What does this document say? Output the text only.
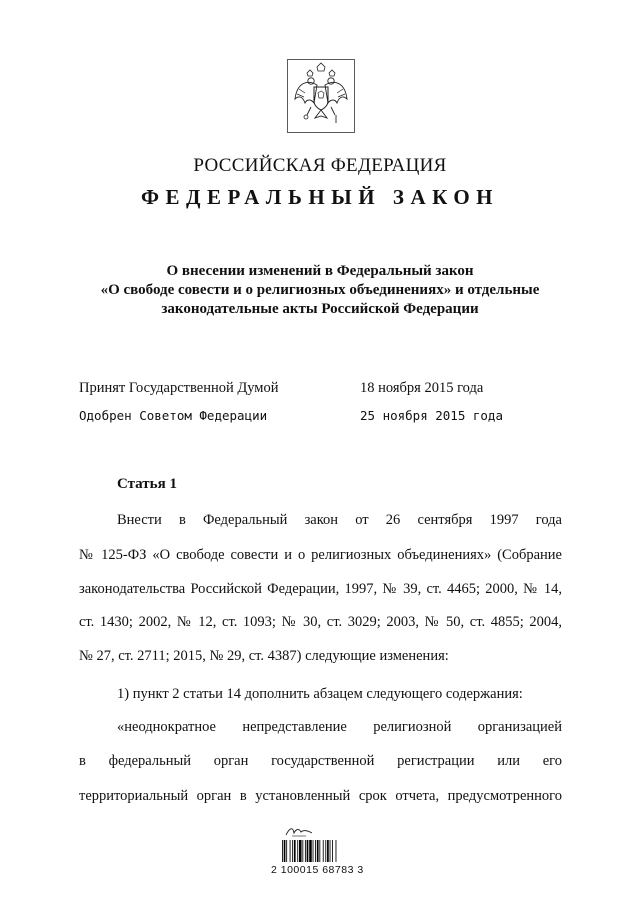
РОССИЙСКАЯ ФЕДЕРАЦИЯ
ФЕДЕРАЛЬНЫЙ ЗАКОН
О внесении изменений в Федеральный закон
«О свободе совести и о религиозных объединениях» и отдельные
законодательные акты Российской Федерации
Принят Государственной Думой	18 ноября 2015 года
Одобрен Советом Федерации	25 ноября 2015 года
Статья 1
Внести в Федеральный закон от 26 сентября 1997 года
№ 125-ФЗ «О свободе совести и о религиозных объединениях» (Собрание
законодательства Российской Федерации, 1997, № 39, ст. 4465; 2000, № 14,
ст. 1430; 2002, № 12, ст. 1093; № 30, ст. 3029; 2003, № 50, ст. 4855; 2004,
№ 27, ст. 2711; 2015, № 29, ст. 4387) следующие изменения:
1) пункт 2 статьи 14 дополнить абзацем следующего содержания:
«неоднократное непредставление религиозной организацией
в федеральный орган государственной регистрации или его
территориальный орган в установленный срок отчета, предусмотренного
2 100015 68783 3
